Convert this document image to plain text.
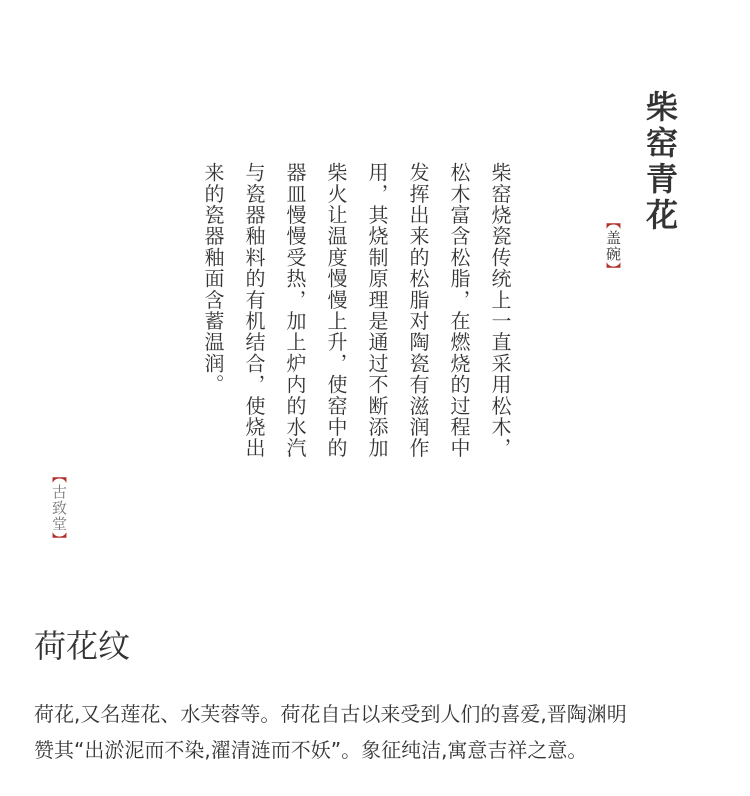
柴窑青花
【盖碗】
柴窑烧瓷传统上一直采用松木，
松木富含松脂，在燃烧的过程中
发挥出来的松脂对陶瓷有滋润作
用，其烧制原理是通过不断添加
柴火让温度慢慢上升，使窑中的
器皿慢慢受热，加上炉内的水汽
与瓷器釉料的有机结合，使烧出
来的瓷器釉面含蓄温润。
【古致堂】
荷花纹
荷花,又名莲花、水芙蓉等。荷花自古以来受到人们的喜爱,晋陶渊明
赞其“出淤泥而不染,濯清涟而不妖”。象征纯洁,寓意吉祥之意。
